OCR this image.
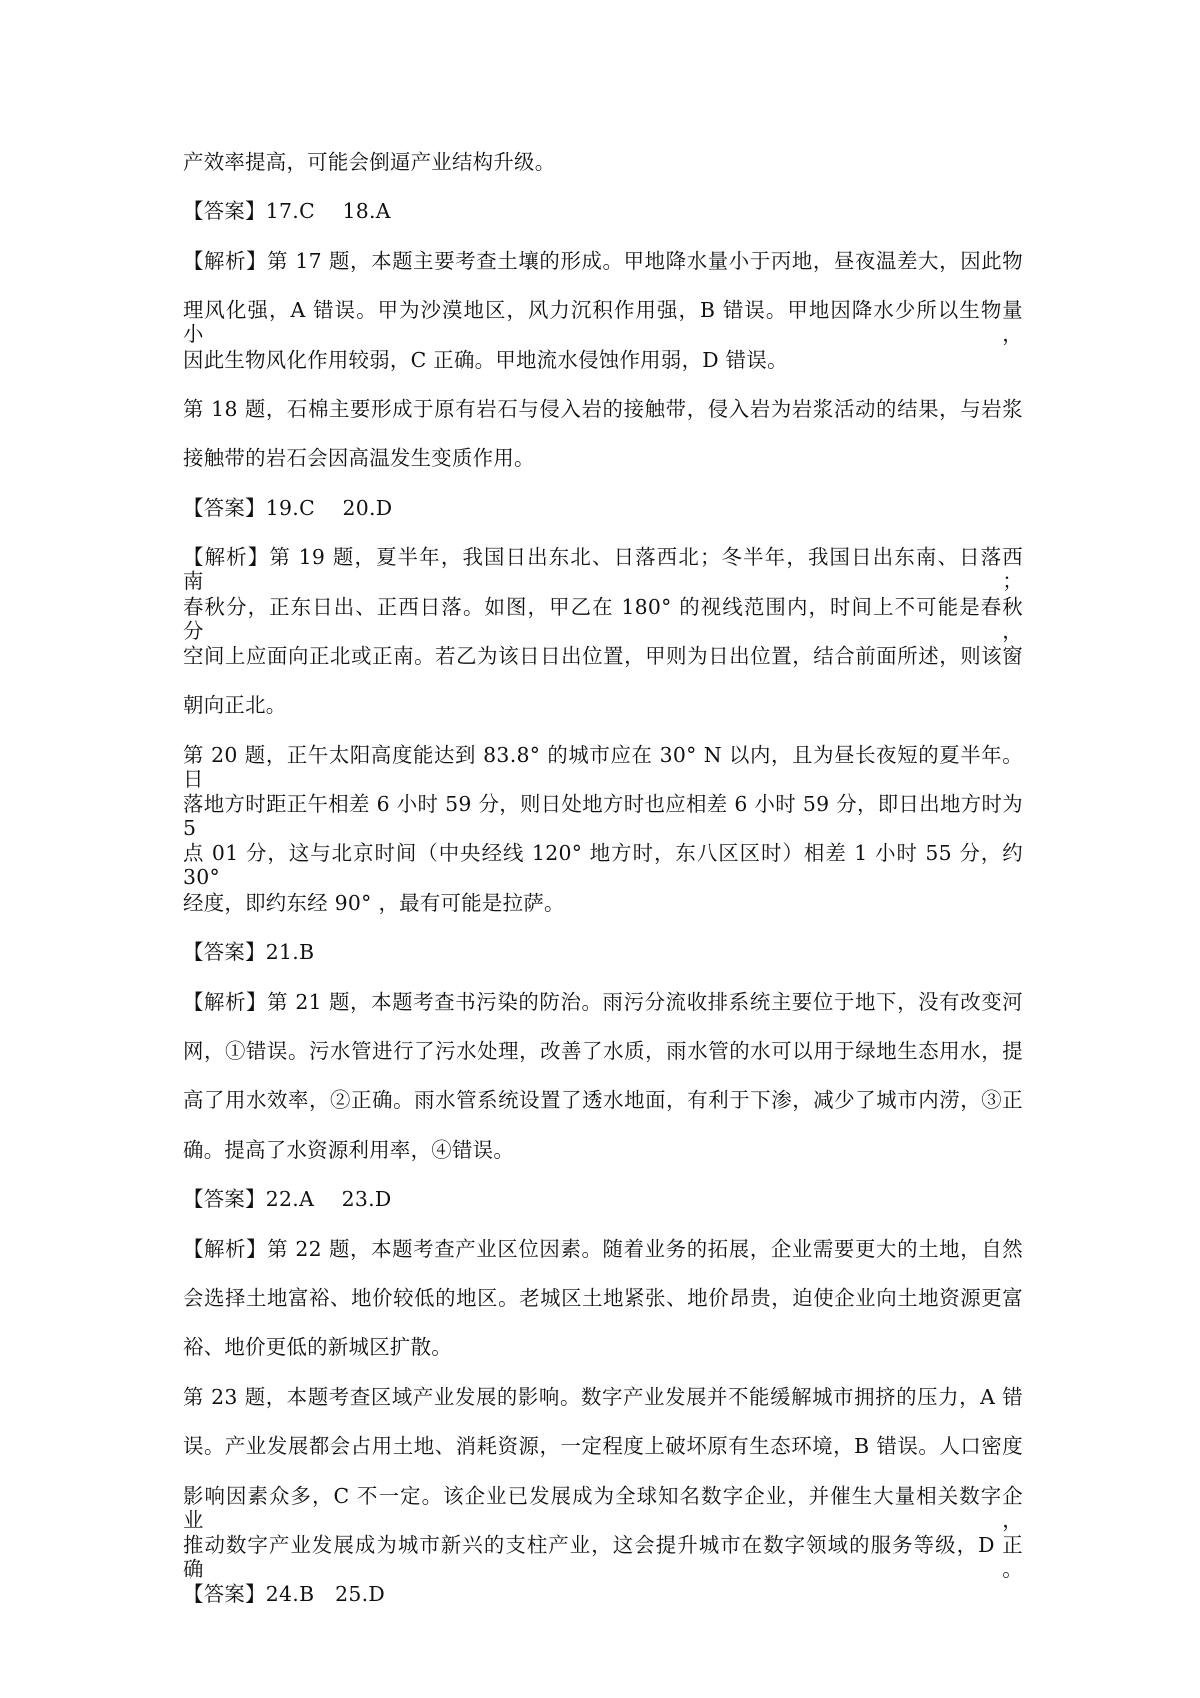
产效率提高，可能会倒逼产业结构升级。
【答案】17.C　 18.A
【解析】第 17 题，本题主要考查土壤的形成。甲地降水量小于丙地，昼夜温差大，因此物
理风化强，A 错误。甲为沙漠地区，风力沉积作用强，B 错误。甲地因降水少所以生物量小，
因此生物风化作用较弱，C 正确。甲地流水侵蚀作用弱，D 错误。
第 18 题，石棉主要形成于原有岩石与侵入岩的接触带，侵入岩为岩浆活动的结果，与岩浆
接触带的岩石会因高温发生变质作用。
【答案】19.C　 20.D
【解析】第 19 题，夏半年，我国日出东北、日落西北；冬半年，我国日出东南、日落西南；
春秋分，正东日出、正西日落。如图，甲乙在 180° 的视线范围内，时间上不可能是春秋分，
空间上应面向正北或正南。若乙为该日日出位置，甲则为日出位置，结合前面所述，则该窗
朝向正北。
第 20 题，正午太阳高度能达到 83.8° 的城市应在 30° N 以内，且为昼长夜短的夏半年。日
落地方时距正午相差 6 小时 59 分，则日处地方时也应相差 6 小时 59 分，即日出地方时为 5
点 01 分，这与北京时间（中央经线 120° 地方时，东八区区时）相差 1 小时 55 分，约 30°
经度，即约东经 90° ，最有可能是拉萨。
【答案】21.B
【解析】第 21 题，本题考查书污染的防治。雨污分流收排系统主要位于地下，没有改变河
网，①错误。污水管进行了污水处理，改善了水质，雨水管的水可以用于绿地生态用水，提
高了用水效率，②正确。雨水管系统设置了透水地面，有利于下渗，减少了城市内涝，③正
确。提高了水资源利用率，④错误。
【答案】22.A　 23.D
【解析】第 22 题，本题考查产业区位因素。随着业务的拓展，企业需要更大的土地，自然
会选择土地富裕、地价较低的地区。老城区土地紧张、地价昂贵，迫使企业向土地资源更富
裕、地价更低的新城区扩散。
第 23 题，本题考查区域产业发展的影响。数字产业发展并不能缓解城市拥挤的压力，A 错
误。产业发展都会占用土地、消耗资源，一定程度上破坏原有生态环境，B 错误。人口密度
影响因素众多，C 不一定。该企业已发展成为全球知名数字企业，并催生大量相关数字企业，
推动数字产业发展成为城市新兴的支柱产业，这会提升城市在数字领域的服务等级，D 正确。
【答案】24.B　25.D
